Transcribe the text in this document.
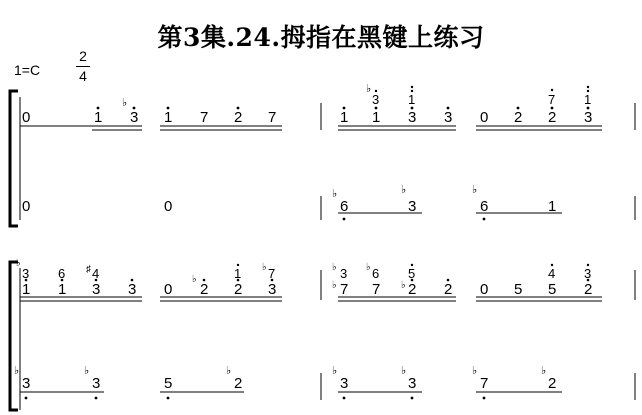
第3集.24.拇指在黑键上练习
1=C
2
4
0	1 3
♭
1 7 2 7	1 1
3
♭
3
1
3 0 2 2
7
3
1
0	0	6
♭
3
♭
6
♭
1
1
3
♭
1
6
3
4
♯
3 0 2
♭
2
1
3
7
♭
7
♭
3
♭
7
6
♭
2
♭
5
2 0 5 5
4
2
3
3
♭
3
♭
5	2
♭
3
♭
3
♭
7
♭
2
♭
